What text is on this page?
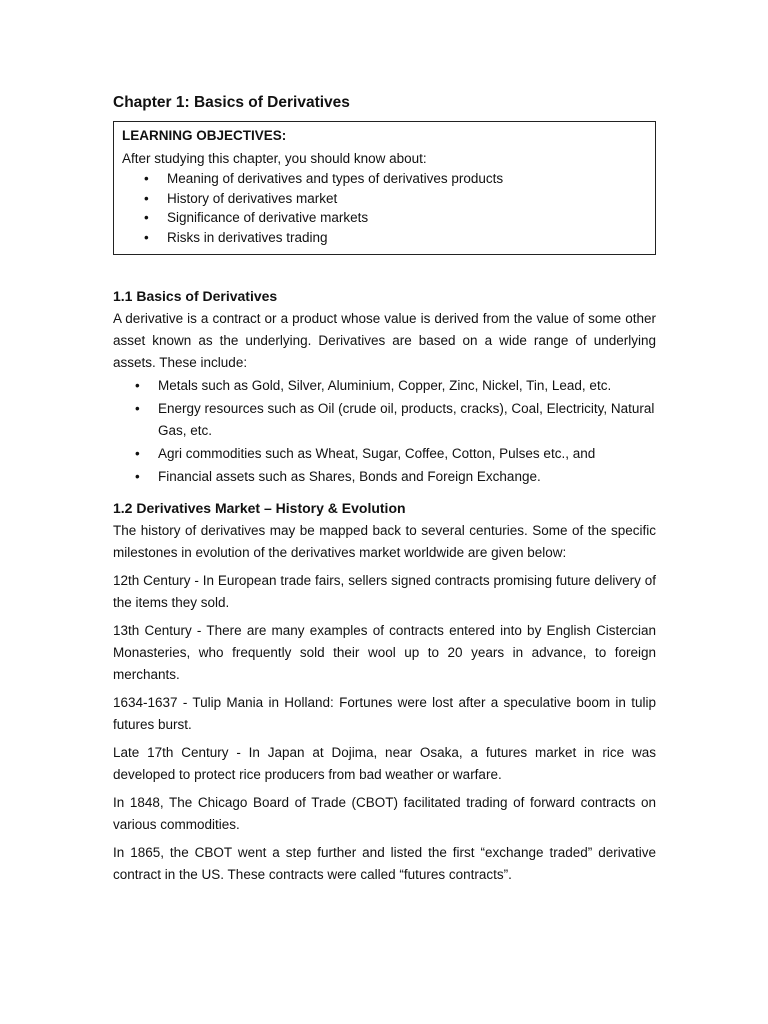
Chapter 1: Basics of Derivatives
LEARNING OBJECTIVES:
After studying this chapter, you should know about:
• Meaning of derivatives and types of derivatives products
• History of derivatives market
• Significance of derivative markets
• Risks in derivatives trading
1.1 Basics of Derivatives

A derivative is a contract or a product whose value is derived from the value of some other asset known as the underlying. Derivatives are based on a wide range of underlying assets. These include:

• Metals such as Gold, Silver, Aluminium, Copper, Zinc, Nickel, Tin, Lead, etc.
• Energy resources such as Oil (crude oil, products, cracks), Coal, Electricity, Natural Gas, etc.
• Agri commodities such as Wheat, Sugar, Coffee, Cotton, Pulses etc., and
• Financial assets such as Shares, Bonds and Foreign Exchange.
1.2 Derivatives Market – History & Evolution

The history of derivatives may be mapped back to several centuries. Some of the specific milestones in evolution of the derivatives market worldwide are given below:

12th Century - In European trade fairs, sellers signed contracts promising future delivery of the items they sold.

13th Century - There are many examples of contracts entered into by English Cistercian Monasteries, who frequently sold their wool up to 20 years in advance, to foreign merchants.

1634-1637 - Tulip Mania in Holland: Fortunes were lost after a speculative boom in tulip futures burst.

Late 17th Century - In Japan at Dojima, near Osaka, a futures market in rice was developed to protect rice producers from bad weather or warfare.

In 1848, The Chicago Board of Trade (CBOT) facilitated trading of forward contracts on various commodities.

In 1865, the CBOT went a step further and listed the first “exchange traded” derivative contract in the US. These contracts were called “futures contracts”.
